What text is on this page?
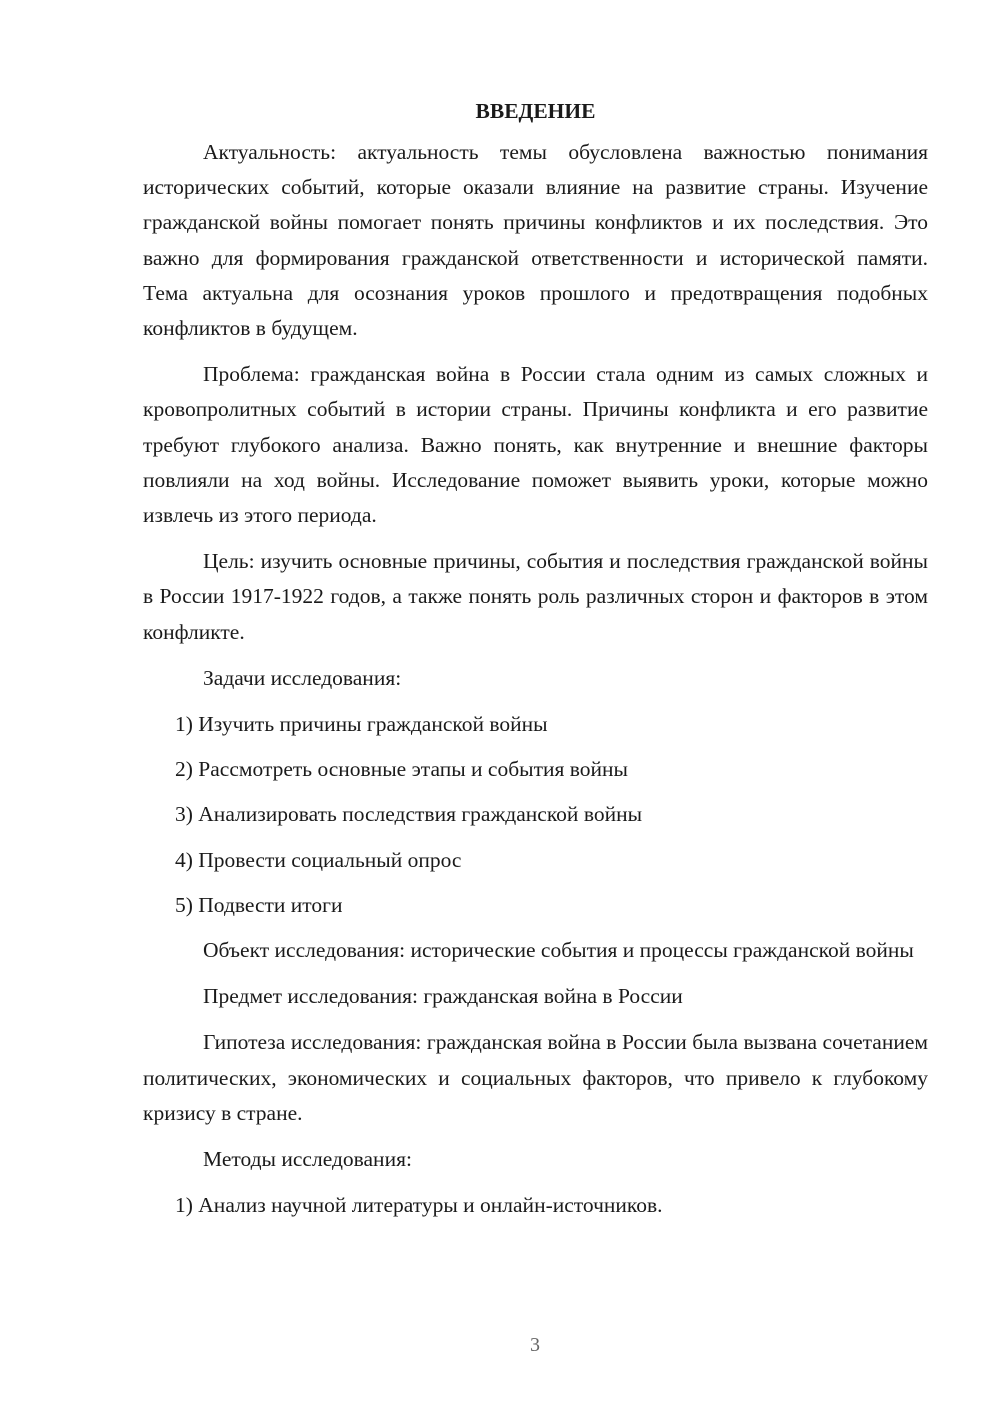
ВВЕДЕНИЕ

Актуальность: актуальность темы обусловлена важностью понимания исторических событий, которые оказали влияние на развитие страны. Изучение гражданской войны помогает понять причины конфликтов и их последствия. Это важно для формирования гражданской ответственности и исторической памяти. Тема актуальна для осознания уроков прошлого и предотвращения подобных конфликтов в будущем.

Проблема: гражданская война в России стала одним из самых сложных и кровопролитных событий в истории страны. Причины конфликта и его развитие требуют глубокого анализа. Важно понять, как внутренние и внешние факторы повлияли на ход войны. Исследование поможет выявить уроки, которые можно извлечь из этого периода.

Цель: изучить основные причины, события и последствия гражданской войны в России 1917-1922 годов, а также понять роль различных сторон и факторов в этом конфликте.

Задачи исследования:

1) Изучить причины гражданской войны
2) Рассмотреть основные этапы и события войны
3) Анализировать последствия гражданской войны
4) Провести социальный опрос
5) Подвести итоги

Объект исследования: исторические события и процессы гражданской войны

Предмет исследования: гражданская война в России

Гипотеза исследования: гражданская война в России была вызвана сочетанием политических, экономических и социальных факторов, что привело к глубокому кризису в стране.

Методы исследования:

1) Анализ научной литературы и онлайн-источников.
3
